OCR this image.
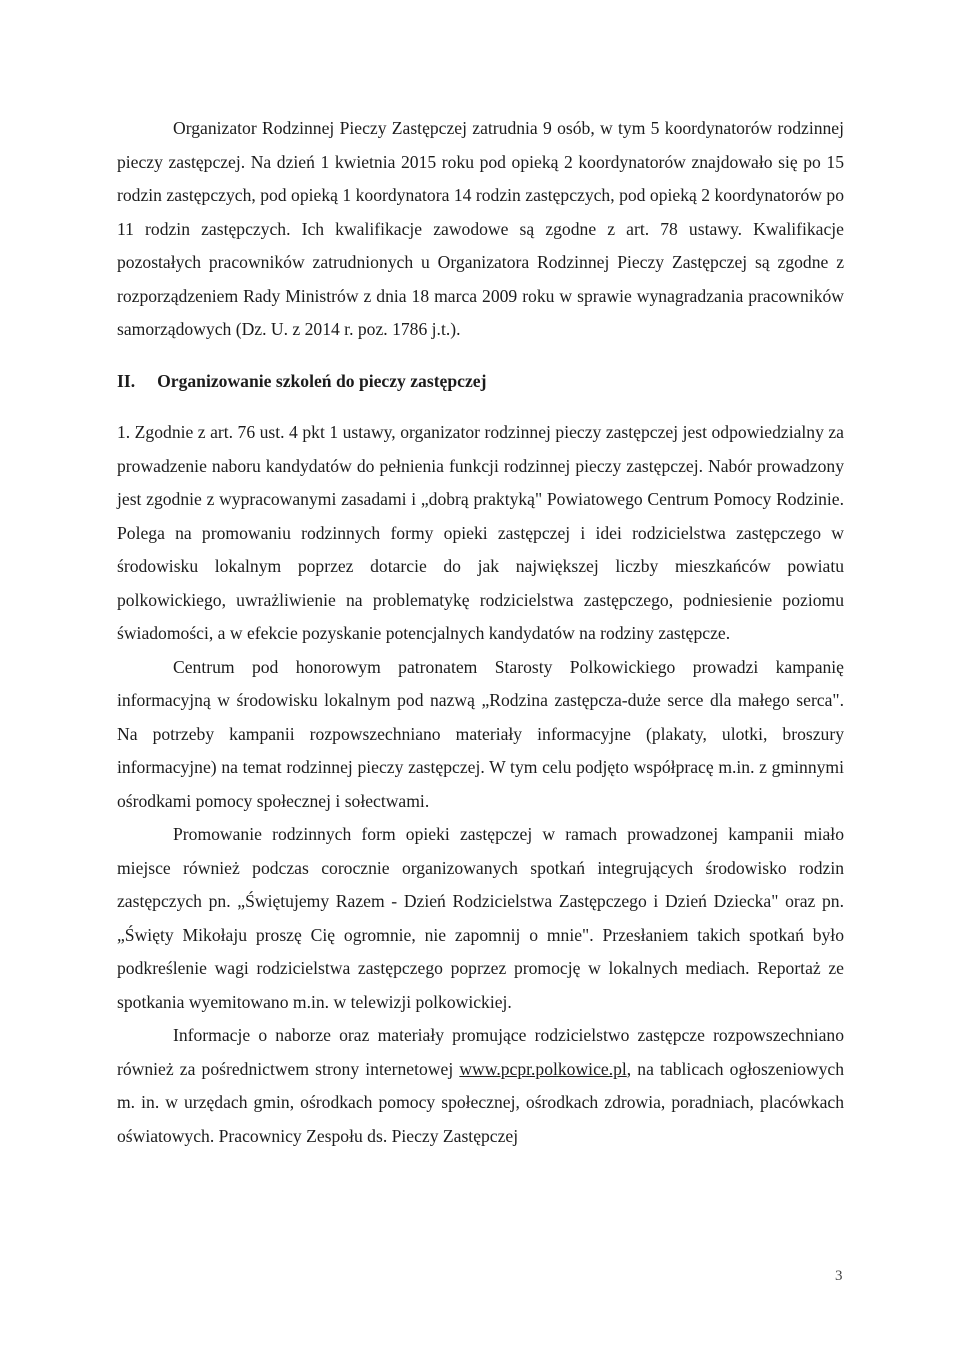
Organizator Rodzinnej Pieczy Zastępczej zatrudnia 9 osób, w tym 5 koordynatorów rodzinnej pieczy zastępczej. Na dzień 1 kwietnia 2015 roku pod opieką 2 koordynatorów znajdowało się po 15 rodzin zastępczych, pod opieką 1 koordynatora 14 rodzin zastępczych, pod opieką 2 koordynatorów po 11 rodzin zastępczych. Ich kwalifikacje zawodowe są zgodne z art. 78 ustawy. Kwalifikacje pozostałych pracowników zatrudnionych u Organizatora Rodzinnej Pieczy Zastępczej są zgodne z rozporządzeniem Rady Ministrów z dnia 18 marca 2009 roku w sprawie wynagradzania pracowników samorządowych (Dz. U. z 2014 r. poz. 1786 j.t.).

II. Organizowanie szkoleń do pieczy zastępczej

1. Zgodnie z art. 76 ust. 4 pkt 1 ustawy, organizator rodzinnej pieczy zastępczej jest odpowiedzialny za prowadzenie naboru kandydatów do pełnienia funkcji rodzinnej pieczy zastępczej. Nabór prowadzony jest zgodnie z wypracowanymi zasadami i „dobrą praktyką" Powiatowego Centrum Pomocy Rodzinie. Polega na promowaniu rodzinnych formy opieki zastępczej i idei rodzicielstwa zastępczego w środowisku lokalnym poprzez dotarcie do jak największej liczby mieszkańców powiatu polkowickiego, uwrażliwienie na problematykę rodzicielstwa zastępczego, podniesienie poziomu świadomości, a w efekcie pozyskanie potencjalnych kandydatów na rodziny zastępcze.

Centrum pod honorowym patronatem Starosty Polkowickiego prowadzi kampanię informacyjną w środowisku lokalnym pod nazwą „Rodzina zastępcza-duże serce dla małego serca". Na potrzeby kampanii rozpowszechniano materiały informacyjne (plakaty, ulotki, broszury informacyjne) na temat rodzinnej pieczy zastępczej. W tym celu podjęto współpracę m.in. z gminnymi ośrodkami pomocy społecznej i sołectwami.

Promowanie rodzinnych form opieki zastępczej w ramach prowadzonej kampanii miało miejsce również podczas corocznie organizowanych spotkań integrujących środowisko rodzin zastępczych pn. „Świętujemy Razem - Dzień Rodzicielstwa Zastępczego i Dzień Dziecka" oraz pn. „Święty Mikołaju proszę Cię ogromnie, nie zapomnij o mnie". Przesłaniem takich spotkań było podkreślenie wagi rodzicielstwa zastępczego poprzez promocję w lokalnych mediach. Reportaż ze spotkania wyemitowano m.in. w telewizji polkowickiej.

Informacje o naborze oraz materiały promujące rodzicielstwo zastępcze rozpowszechniano również za pośrednictwem strony internetowej www.pcpr.polkowice.pl, na tablicach ogłoszeniowych m. in. w urzędach gmin, ośrodkach pomocy społecznej, ośrodkach zdrowia, poradniach, placówkach oświatowych. Pracownicy Zespołu ds. Pieczy Zastępczej

3
